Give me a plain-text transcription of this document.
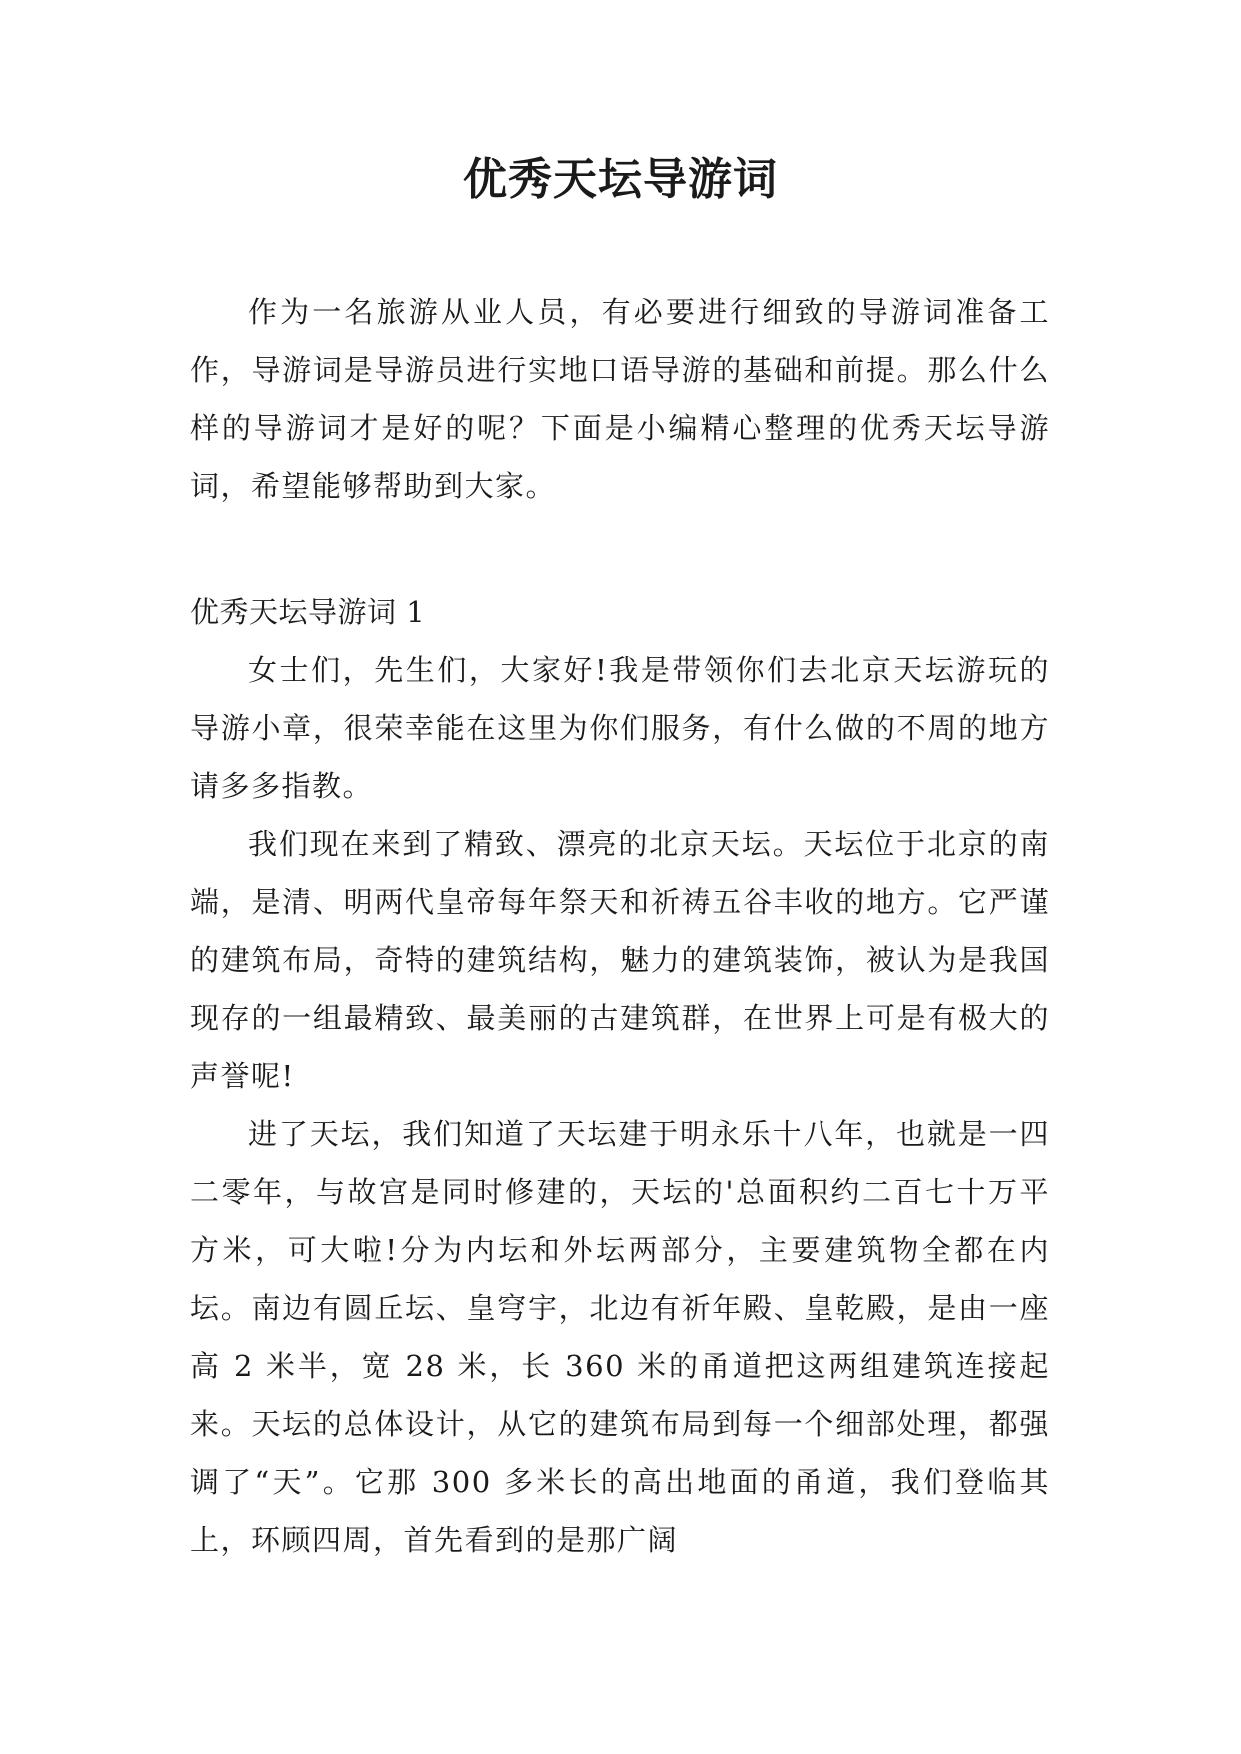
优秀天坛导游词

作为一名旅游从业人员，有必要进行细致的导游词准备工作，导游词是导游员进行实地口语导游的基础和前提。那么什么样的导游词才是好的呢？下面是小编精心整理的优秀天坛导游词，希望能够帮助到大家。

优秀天坛导游词 1

女士们，先生们，大家好!我是带领你们去北京天坛游玩的导游小章，很荣幸能在这里为你们服务，有什么做的不周的地方请多多指教。

我们现在来到了精致、漂亮的北京天坛。天坛位于北京的南端，是清、明两代皇帝每年祭天和祈祷五谷丰收的地方。它严谨的建筑布局，奇特的建筑结构，魅力的建筑装饰，被认为是我国现存的一组最精致、最美丽的古建筑群，在世界上可是有极大的声誉呢!

进了天坛，我们知道了天坛建于明永乐十八年，也就是一四二零年，与故宫是同时修建的，天坛的'总面积约二百七十万平方米，可大啦!分为内坛和外坛两部分，主要建筑物全都在内坛。南边有圆丘坛、皇穹宇，北边有祈年殿、皇乾殿，是由一座高 2 米半，宽 28 米，长 360 米的甬道把这两组建筑连接起来。天坛的总体设计，从它的建筑布局到每一个细部处理，都强调了“天”。它那 300 多米长的高出地面的甬道，我们登临其上，环顾四周，首先看到的是那广阔
